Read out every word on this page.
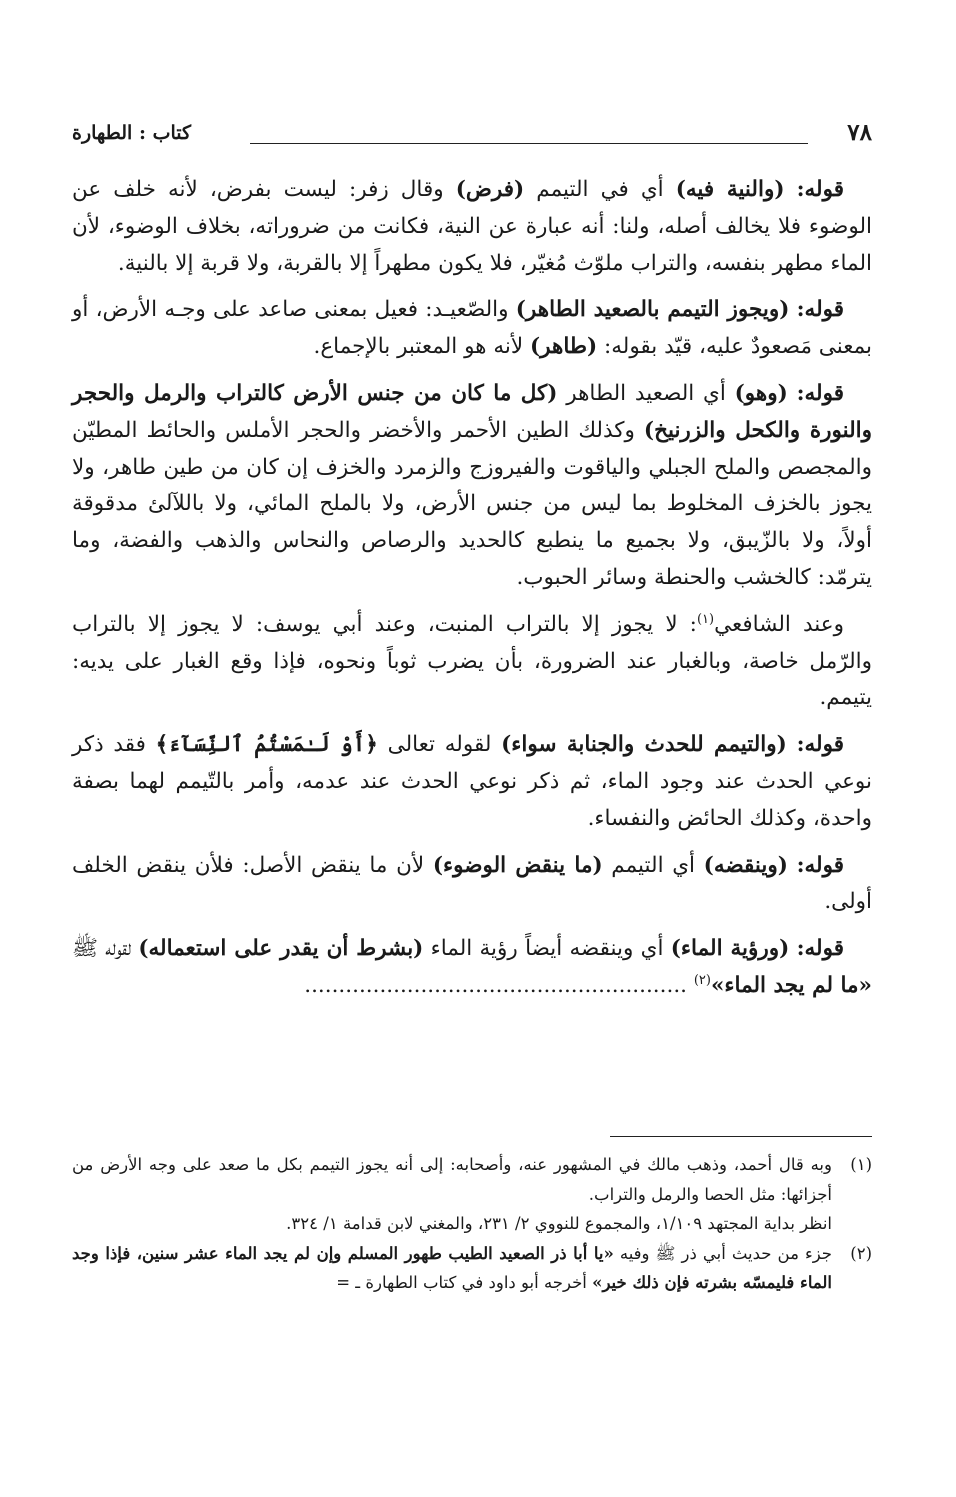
٧٨
كتاب : الطهارة

قوله: (والنية فيه) أي في التيمم (فرض) وقال زفر: ليست بفرض، لأنه خلف عن الوضوء فلا يخالف أصله، ولنا: أنه عبارة عن النية، فكانت من ضروراته، بخلاف الوضوء، لأن الماء مطهر بنفسه، والتراب ملوّث مُغيّر، فلا يكون مطهراً إلا بالقربة، ولا قربة إلا بالنية.

قوله: (ويجوز التيمم بالصعيد الطاهر) والصّعيـد: فعيل بمعنى صاعد على وجـه الأرض، أو بمعنى مَصعودٌ عليه، قيّد بقوله: (طاهر) لأنه هو المعتبر بالإجماع.

قوله: (وهو) أي الصعيد الطاهر (كل ما كان من جنس الأرض كالتراب والرمل والحجر والنورة والكحل والزرنيخ) وكذلك الطين الأحمر والأخضر والحجر الأملس والحائط المطيّن والمجصص والملح الجبلي والياقوت والفيروزج والزمرد والخزف إن كان من طين طاهر، ولا يجوز بالخزف المخلوط بما ليس من جنس الأرض، ولا بالملح المائي، ولا باللآلئ مدقوقة أولاً، ولا بالزّيبق، ولا بجميع ما ينطبع كالحديد والرصاص والنحاس والذهب والفضة، وما يترمّد: كالخشب والحنطة وسائر الحبوب.

وعند الشافعي$^{(١)}$: لا يجوز إلا بالتراب المنبت، وعند أبي يوسف: لا يجوز إلا بالتراب والرّمل خاصة، وبالغبار عند الضرورة، بأن يضرب ثوباً ونحوه، فإذا وقع الغبار على يديه: يتيمم.

قوله: (والتيمم للحدث والجنابة سواء) لقوله تعالى ﴿أَوْ لَـٰمَسْتُمُ ٱلنِّسَآءَ﴾ فقد ذكر نوعي الحدث عند وجود الماء، ثم ذكر نوعي الحدث عند عدمه، وأمر بالتّيمم لهما بصفة واحدة، وكذلك الحائض والنفساء.

قوله: (وينقضه) أي التيمم (ما ينقض الوضوء) لأن ما ينقض الأصل: فلأن ينقض الخلف أولى.

قوله: (ورؤية الماء) أي وينقضه أيضاً رؤية الماء (بشرط أن يقدر على استعماله) لقوله ﷺ «ما لم يجد الماء»$^{(٢)}$ ........................................................

(١)
وبه قال أحمد، وذهب مالك في المشهور عنه، وأصحابه: إلى أنه يجوز التيمم بكل ما صعد على وجه الأرض من أجزائها: مثل الحصا والرمل والتراب.

انظر بداية المجتهد ١/١٠٩، والمجموع للنووي ٢/ ٢٣١، والمغني لابن قدامة ١/ ٣٢٤.

(٢)
جزء من حديث أبي ذر ﷺ وفيه «يا أبا ذر الصعيد الطيب طهور المسلم وإن لم يجد الماء عشر سنين، فإذا وجد الماء فليمسّه بشرته فإن ذلك خير» أخرجه أبو داود في كتاب الطهارة ـ =
